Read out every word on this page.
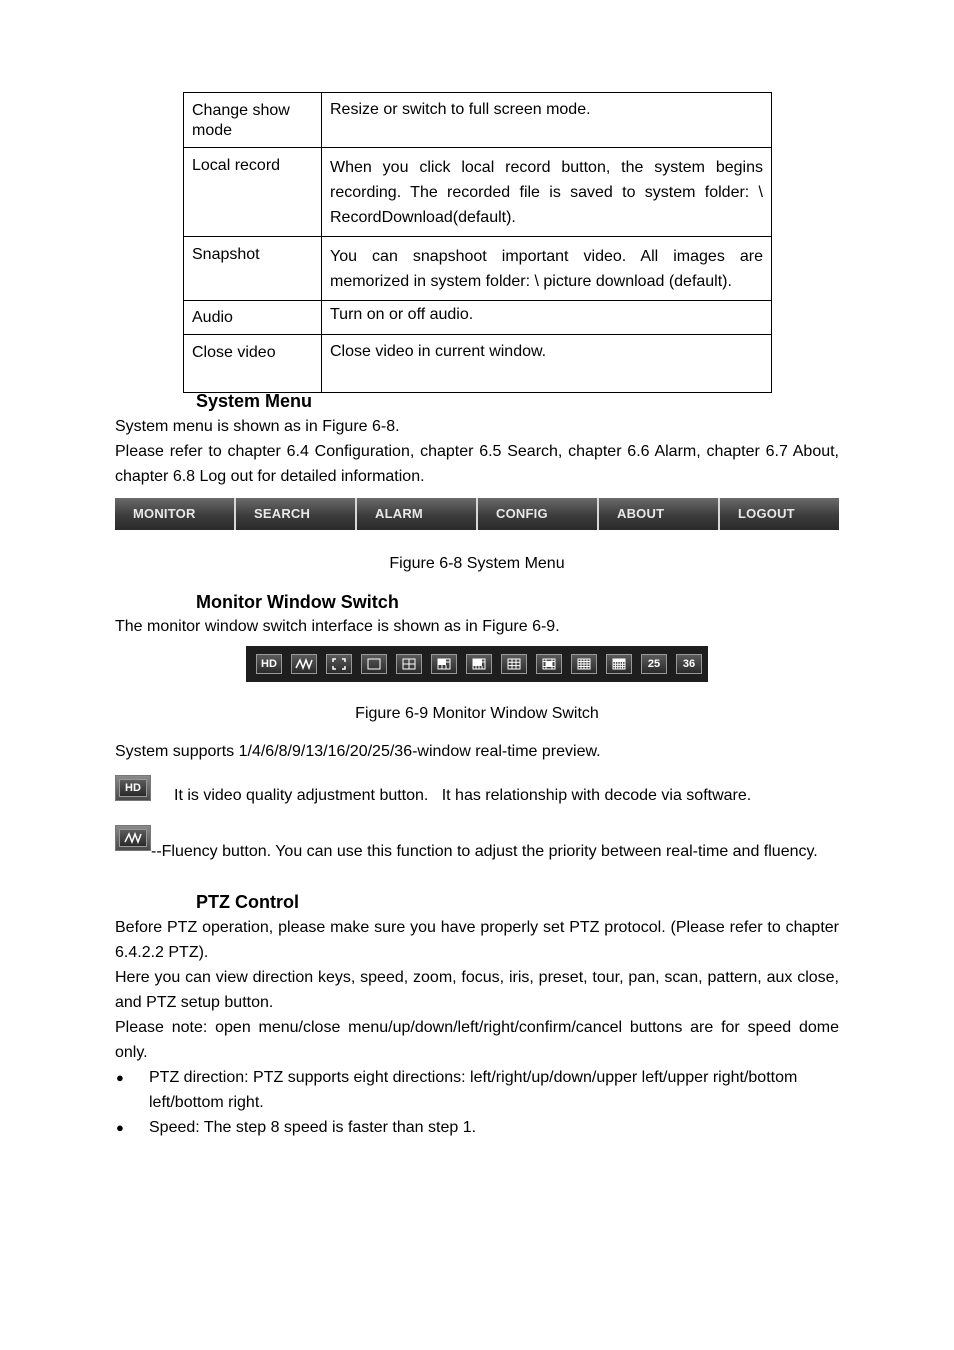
Change show mode	Resize or switch to full screen mode.
Local record	When you click local record button, the system begins recording. The recorded file is saved to system folder: \ RecordDownload(default).
Snapshot	You can snapshoot important video. All images are memorized in system folder: \ picture download (default).
Audio	Turn on or off audio.
Close video	Close video in current window.
System Menu
System menu is shown as in Figure 6-8.
Please refer to chapter 6.4 Configuration, chapter 6.5 Search, chapter 6.6 Alarm, chapter 6.7 About, chapter 6.8 Log out for detailed information.
MONITOR	SEARCH	ALARM	CONFIG	ABOUT	LOGOUT
Figure 6-8 System Menu
Monitor Window Switch
The monitor window switch interface is shown as in Figure 6-9.
HD	25 36
Figure 6-9 Monitor Window Switch
System supports 1/4/6/8/9/13/16/20/25/36-window real-time preview.
HD It is video quality adjustment button.   It has relationship with decode via software.
--Fluency button. You can use this function to adjust the priority between real-time and fluency.
PTZ Control
Before PTZ operation, please make sure you have properly set PTZ protocol. (Please refer to chapter 6.4.2.2 PTZ).
Here you can view direction keys, speed, zoom, focus, iris, preset, tour, pan, scan, pattern, aux close, and PTZ setup button.
Please note: open menu/close menu/up/down/left/right/confirm/cancel buttons are for speed dome only.
● PTZ direction: PTZ supports eight directions: left/right/up/down/upper left/upper right/bottom left/bottom right.
● Speed: The step 8 speed is faster than step 1.
